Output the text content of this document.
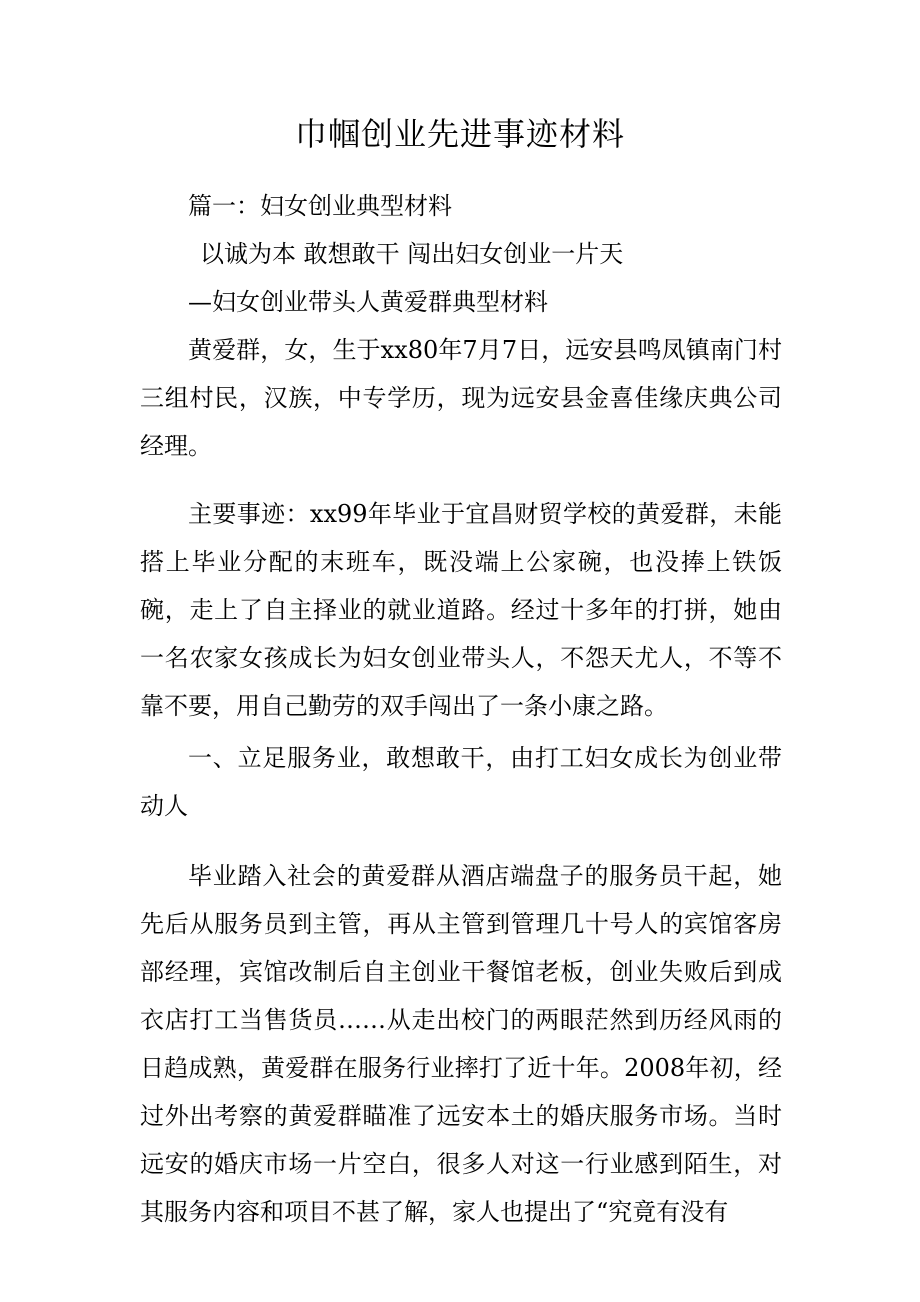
巾帼创业先进事迹材料

篇一：妇女创业典型材料

以诚为本 敢想敢干 闯出妇女创业一片天

—妇女创业带头人黄爱群典型材料

黄爱群，女，生于xx80年7月7日，远安县鸣凤镇南门村三组村民，汉族，中专学历，现为远安县金喜佳缘庆典公司经理。

主要事迹：xx99年毕业于宜昌财贸学校的黄爱群，未能搭上毕业分配的末班车，既没端上公家碗，也没捧上铁饭碗，走上了自主择业的就业道路。经过十多年的打拼，她由一名农家女孩成长为妇女创业带头人，不怨天尤人，不等不靠不要，用自己勤劳的双手闯出了一条小康之路。

一、立足服务业，敢想敢干，由打工妇女成长为创业带动人

毕业踏入社会的黄爱群从酒店端盘子的服务员干起，她先后从服务员到主管，再从主管到管理几十号人的宾馆客房部经理，宾馆改制后自主创业干餐馆老板，创业失败后到成衣店打工当售货员……从走出校门的两眼茫然到历经风雨的日趋成熟，黄爱群在服务行业摔打了近十年。2008年初，经过外出考察的黄爱群瞄准了远安本土的婚庆服务市场。当时远安的婚庆市场一片空白，很多人对这一行业感到陌生，对其服务内容和项目不甚了解，家人也提出了“究竟有没有
